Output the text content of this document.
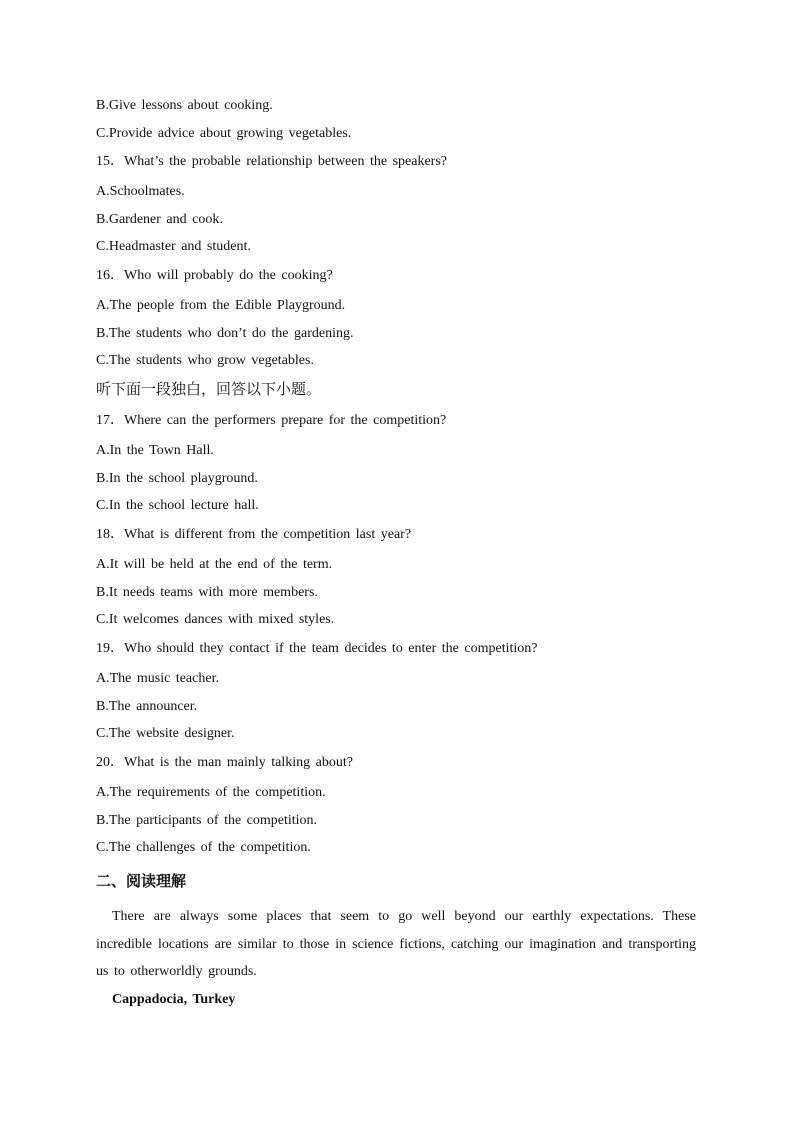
B.Give lessons about cooking.
C.Provide advice about growing vegetables.
15．What’s the probable relationship between the speakers?
A.Schoolmates.
B.Gardener and cook.
C.Headmaster and student.
16．Who will probably do the cooking?
A.The people from the Edible Playground.
B.The students who don’t do the gardening.
C.The students who grow vegetables.
听下面一段独白，回答以下小题。
17．Where can the performers prepare for the competition?
A.In the Town Hall.
B.In the school playground.
C.In the school lecture hall.
18．What is different from the competition last year?
A.It will be held at the end of the term.
B.It needs teams with more members.
C.It welcomes dances with mixed styles.
19．Who should they contact if the team decides to enter the competition?
A.The music teacher.
B.The announcer.
C.The website designer.
20．What is the man mainly talking about?
A.The requirements of the competition.
B.The participants of the competition.
C.The challenges of the competition.
二、阅读理解

There are always some places that seem to go well beyond our earthly expectations. These incredible locations are similar to those in science fictions, catching our imagination and transporting us to otherworldly grounds.

Cappadocia, Turkey
